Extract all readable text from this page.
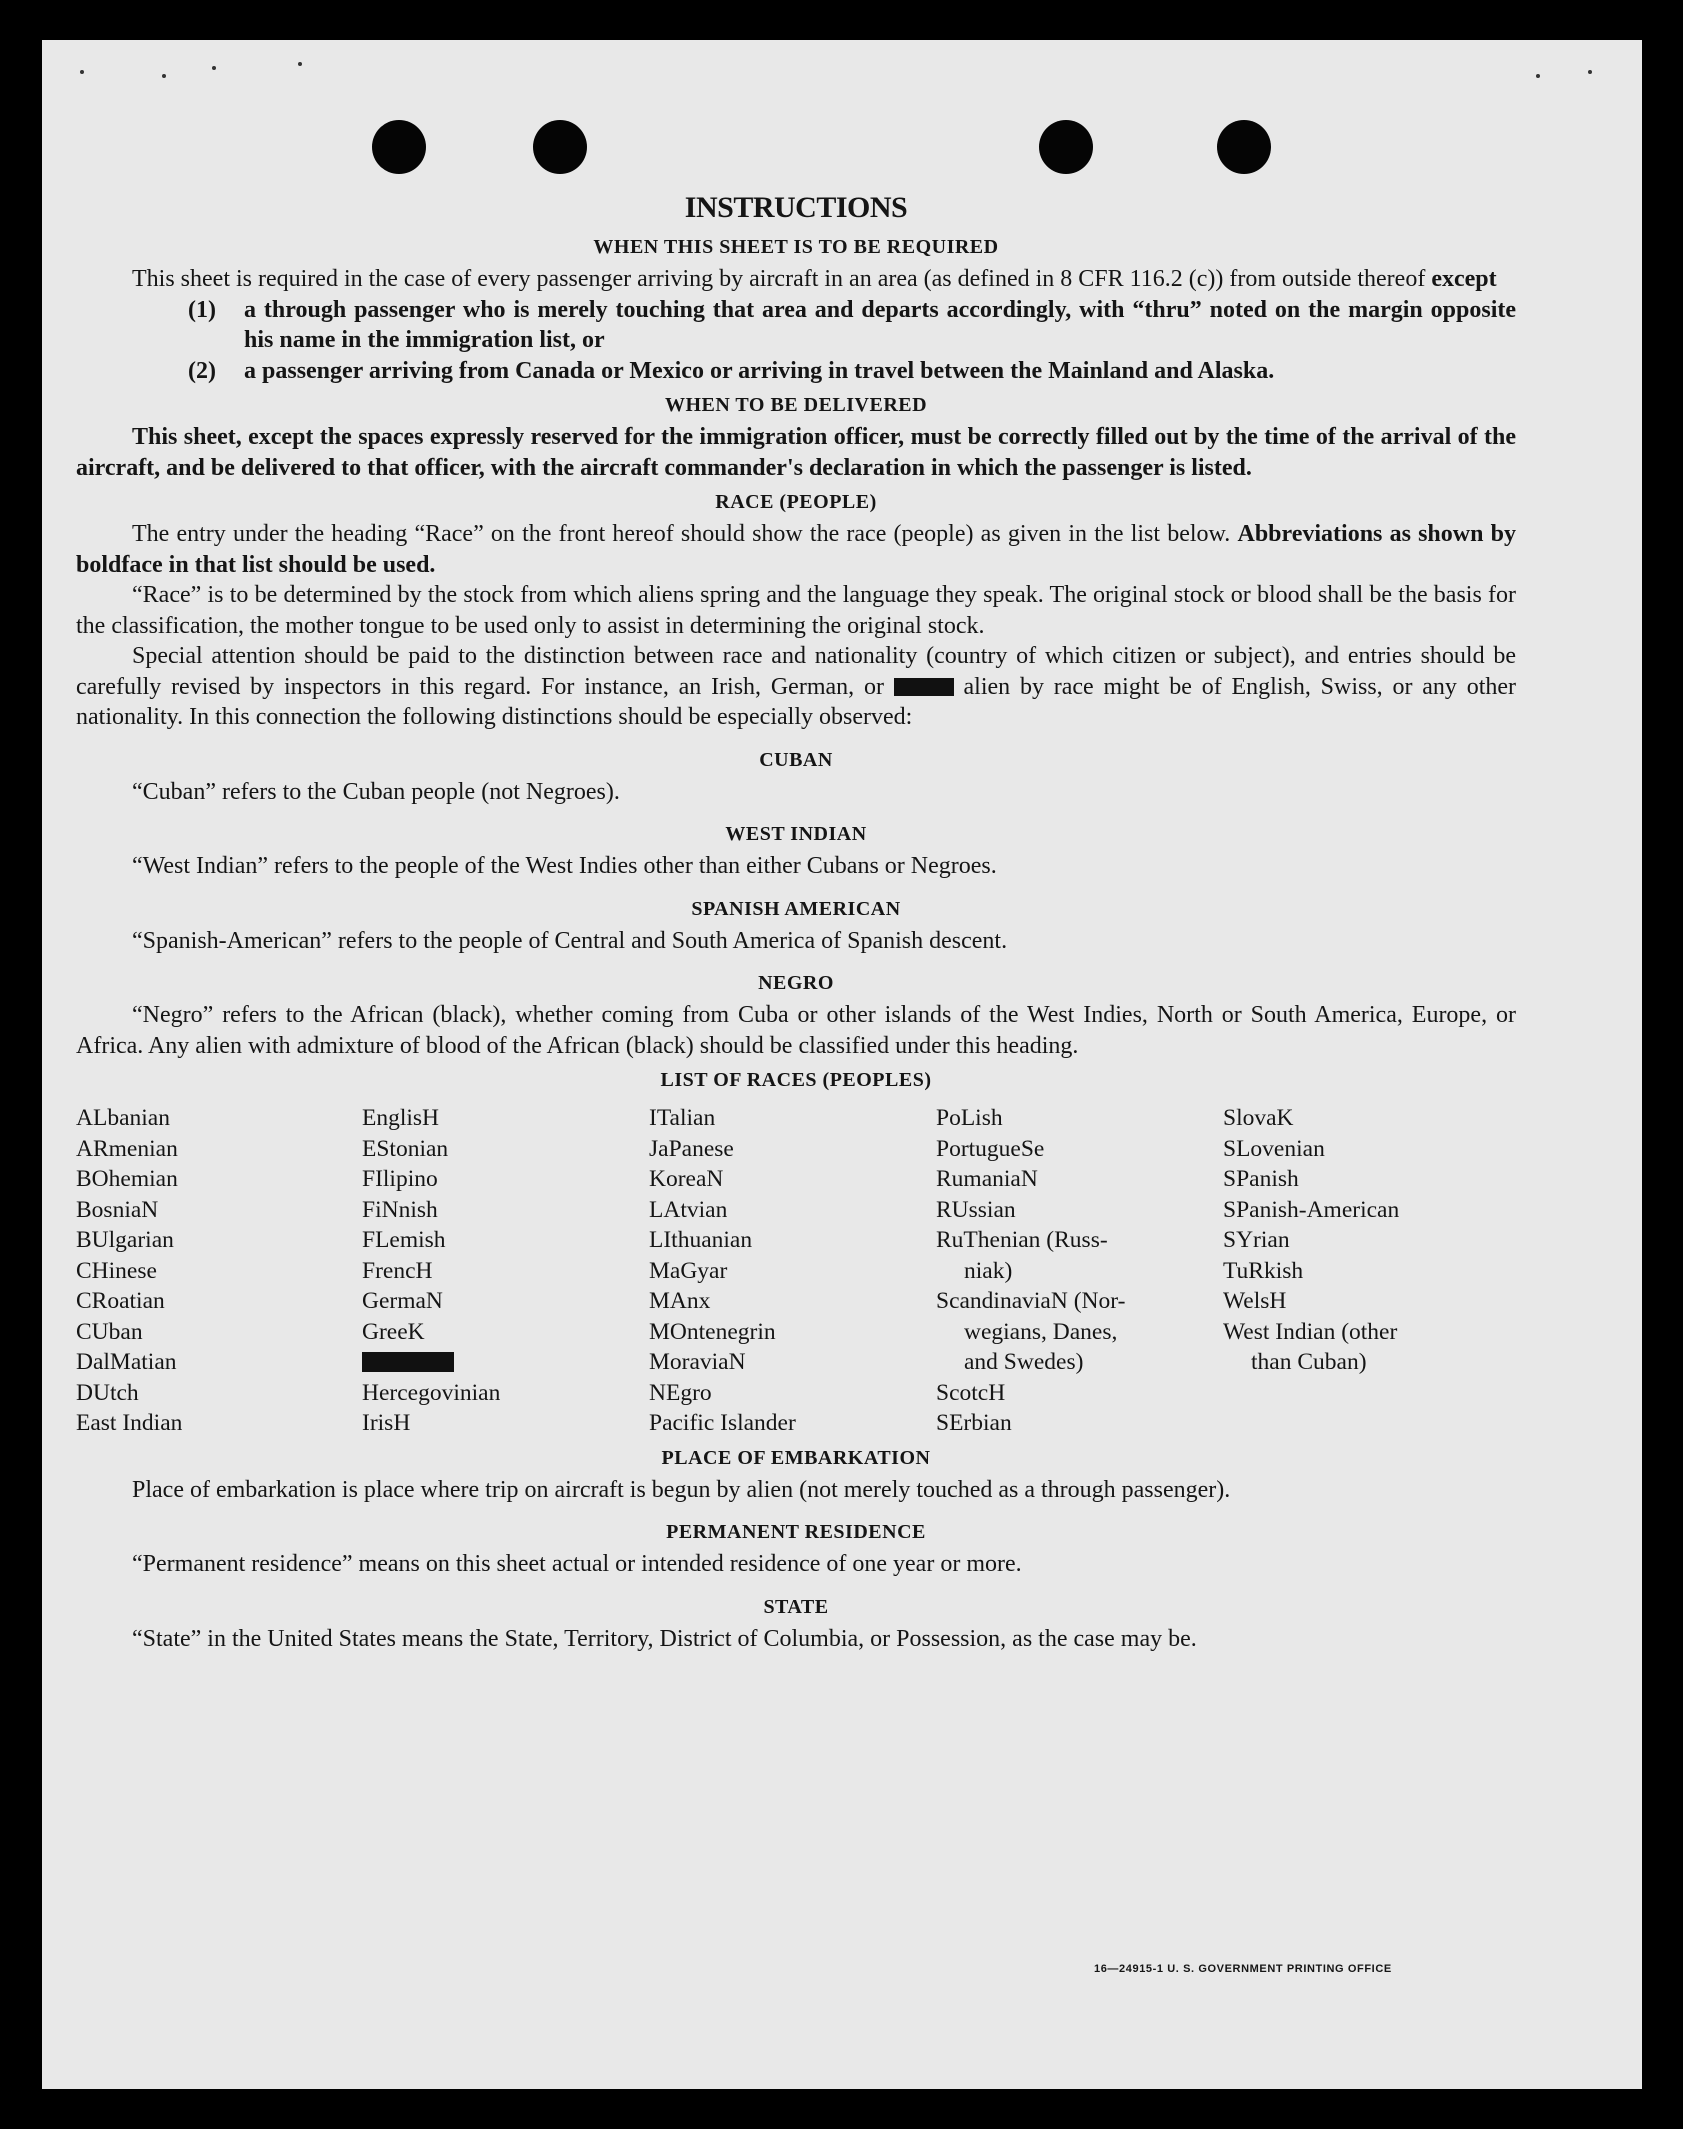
INSTRUCTIONS
WHEN THIS SHEET IS TO BE REQUIRED

This sheet is required in the case of every passenger arriving by aircraft in an area (as defined in 8 CFR 116.2 (c)) from outside thereof except

(1)	a through passenger who is merely touching that area and departs accordingly, with “thru” noted on the margin opposite his name in the immigration list, or
(2)	a passenger arriving from Canada or Mexico or arriving in travel between the Mainland and Alaska.
WHEN TO BE DELIVERED

This sheet, except the spaces expressly reserved for the immigration officer, must be correctly filled out by the time of the arrival of the aircraft, and be delivered to that officer, with the aircraft commander's declaration in which the passenger is listed.

RACE (PEOPLE)

The entry under the heading “Race” on the front hereof should show the race (people) as given in the list below. Abbreviations as shown by boldface in that list should be used.

“Race” is to be determined by the stock from which aliens spring and the language they speak. The original stock or blood shall be the basis for the classification, the mother tongue to be used only to assist in determining the original stock.

Special attention should be paid to the distinction between race and nationality (country of which citizen or subject), and entries should be carefully revised by inspectors in this regard. For instance, an Irish, German, or	alien by race might be of English, Swiss, or any other nationality. In this connection the following distinctions should be especially observed:

CUBAN

“Cuban” refers to the Cuban people (not Negroes).

WEST INDIAN

“West Indian” refers to the people of the West Indies other than either Cubans or Negroes.

SPANISH AMERICAN

“Spanish-American” refers to the people of Central and South America of Spanish descent.

NEGRO

“Negro” refers to the African (black), whether coming from Cuba or other islands of the West Indies, North or South America, Europe, or Africa. Any alien with admixture of blood of the African (black) should be classified under this heading.

LIST OF RACES (PEOPLES)
ALbanian
ARmenian
BOhemian
BosniaN
BUlgarian
CHinese
CRoatian
CUban
DalMatian
DUtch
East Indian
EnglisH
EStonian
FIlipino
FiNnish
FLemish
FrencH
GermaN
GreeK
Hercegovinian
IrisH
ITalian
JaPanese
KoreaN
LAtvian
LIthuanian
MaGyar
MAnx
MOntenegrin
MoraviaN
NEgro
Pacific Islander
PoLish
PortugueSe
RumaniaN
RUssian
RuThenian (Russ-
niak)
ScandinaviaN (Nor-
wegians, Danes,
and Swedes)
ScotcH
SErbian
SlovaK
SLovenian
SPanish
SPanish-American
SYrian
TuRkish
WelsH
West Indian (other
than Cuban)
PLACE OF EMBARKATION

Place of embarkation is place where trip on aircraft is begun by alien (not merely touched as a through passenger).

PERMANENT RESIDENCE

“Permanent residence” means on this sheet actual or intended residence of one year or more.

STATE

“State” in the United States means the State, Territory, District of Columbia, or Possession, as the case may be.

16—24915-1 U. S. GOVERNMENT PRINTING OFFICE
